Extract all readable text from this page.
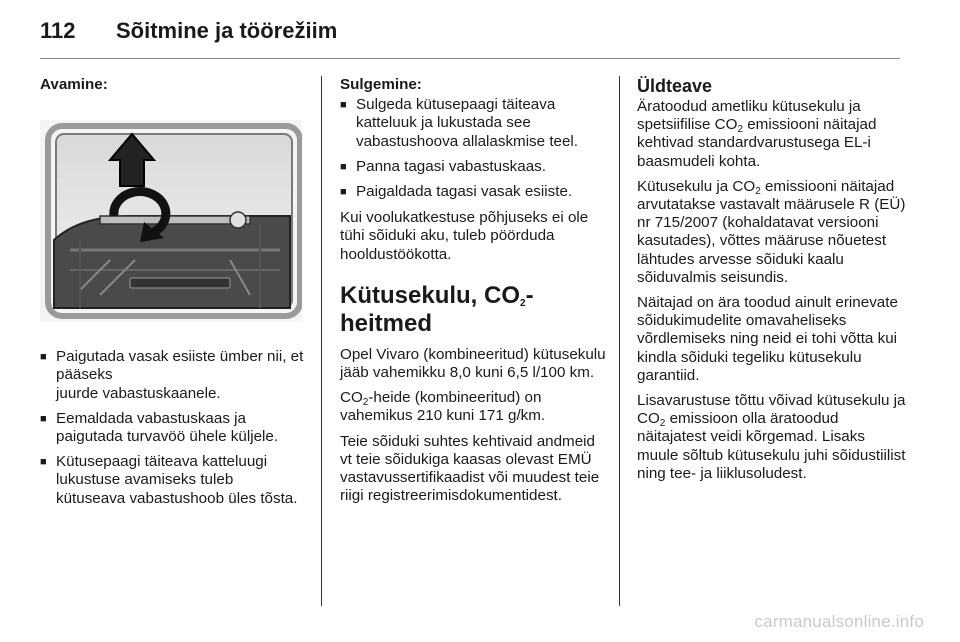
112	Sõitmine ja töörežiim

Avamine:

■ Paigutada vasak esiiste ümber nii, et pääseks
juurde vabastuskaanele.
■ Eemaldada vabastuskaas ja paigutada turvavöö ühele küljele.
■ Kütusepaagi täiteava katteluugi lukustuse avamiseks tuleb kütuseava vabastushoob üles tõsta.

Sulgemine:

■ Sulgeda kütusepaagi täiteava katteluuk ja lukustada see vabastushoova allalaskmise teel.
■ Panna tagasi vabastuskaas.
■ Paigaldada tagasi vasak esiiste.

Kui voolukatkestuse põhjuseks ei ole tühi sõiduki aku, tuleb pöörduda hooldustöökotta.

Kütusekulu, $CO_2$-heitmed

Opel Vivaro (kombineeritud) kütusekulu jääb vahemikku 8,0 kuni 6,5 l/100 km.

$CO_2$-heide (kombineeritud) on vahemikus 210 kuni 171 g/km.

Teie sõiduki suhtes kehtivaid andmeid vt teie sõidukiga kaasas olevast EMÜ vastavussertifikaadist või muudest teie riigi registreerimisdokumentidest.

Üldteave

Äratoodud ametliku kütusekulu ja spetsiifilise $CO_2$ emissiooni näitajad kehtivad standardvarustusega EL-i baasmudeli kohta.

Kütusekulu ja $CO_2$ emissiooni näitajad arvutatakse vastavalt määrusele R (EÜ) nr 715/2007 (kohaldatavat versiooni kasutades), võttes määruse nõuetest lähtudes arvesse sõiduki kaalu sõiduvalmis seisundis.

Näitajad on ära toodud ainult erinevate sõidukimudelite omavaheliseks võrdlemiseks ning neid ei tohi võtta kui kindla sõiduki tegeliku kütusekulu garantiid.

Lisavarustuse tõttu võivad kütusekulu ja $CO_2$ emissioon olla äratoodud näitajatest veidi kõrgemad. Lisaks muule sõltub kütusekulu juhi sõidustiilist ning tee- ja liiklusoludest.

carmanualsonline.info
